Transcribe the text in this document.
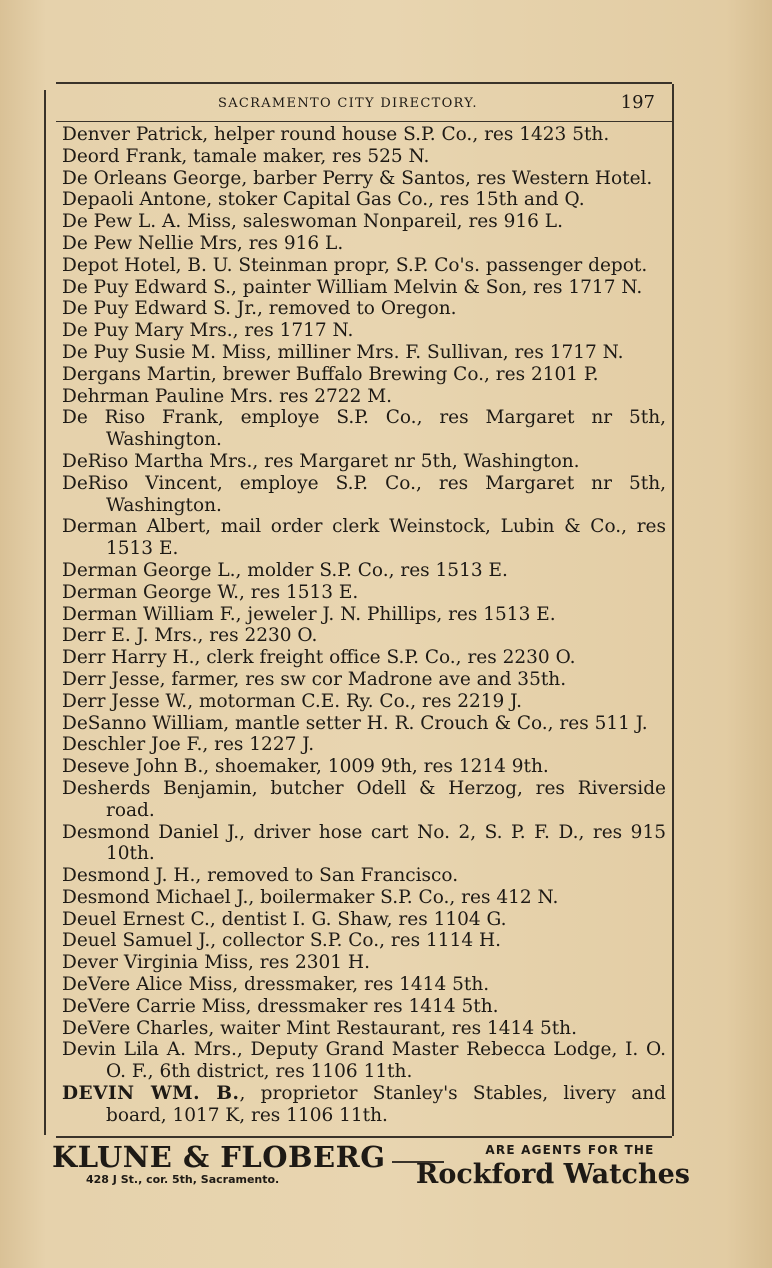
SACRAMENTO CITY DIRECTORY.	197
Denver Patrick, helper round house S.P. Co., res 1423 5th.
Deord Frank, tamale maker, res 525 N.
De Orleans George, barber Perry & Santos, res Western Hotel.
Depaoli Antone, stoker Capital Gas Co., res 15th and Q.
De Pew L. A. Miss, saleswoman Nonpareil, res 916 L.
De Pew Nellie Mrs, res 916 L.
Depot Hotel, B. U. Steinman propr, S.P. Co's. passenger depot.
De Puy Edward S., painter William Melvin & Son, res 1717 N.
De Puy Edward S. Jr., removed to Oregon.
De Puy Mary Mrs., res 1717 N.
De Puy Susie M. Miss, milliner Mrs. F. Sullivan, res 1717 N.
Dergans Martin, brewer Buffalo Brewing Co., res 2101 P.
Dehrman Pauline Mrs. res 2722 M.
De Riso Frank, employe S.P. Co., res Margaret nr 5th, Washington.
DeRiso Martha Mrs., res Margaret nr 5th, Washington.
DeRiso Vincent, employe S.P. Co., res Margaret nr 5th, Washington.
Derman Albert, mail order clerk Weinstock, Lubin & Co., res 1513 E.
Derman George L., molder S.P. Co., res 1513 E.
Derman George W., res 1513 E.
Derman William F., jeweler J. N. Phillips, res 1513 E.
Derr E. J. Mrs., res 2230 O.
Derr Harry H., clerk freight office S.P. Co., res 2230 O.
Derr Jesse, farmer, res sw cor Madrone ave and 35th.
Derr Jesse W., motorman C.E. Ry. Co., res 2219 J.
DeSanno William, mantle setter H. R. Crouch & Co., res 511 J.
Deschler Joe F., res 1227 J.
Deseve John B., shoemaker, 1009 9th, res 1214 9th.
Desherds Benjamin, butcher Odell & Herzog, res Riverside road.
Desmond Daniel J., driver hose cart No. 2, S. P. F. D., res 915 10th.
Desmond J. H., removed to San Francisco.
Desmond Michael J., boilermaker S.P. Co., res 412 N.
Deuel Ernest C., dentist I. G. Shaw, res 1104 G.
Deuel Samuel J., collector S.P. Co., res 1114 H.
Dever Virginia Miss, res 2301 H.
DeVere Alice Miss, dressmaker, res 1414 5th.
DeVere Carrie Miss, dressmaker res 1414 5th.
DeVere Charles, waiter Mint Restaurant, res 1414 5th.
Devin Lila A. Mrs., Deputy Grand Master Rebecca Lodge, I. O. O. F., 6th district, res 1106 11th.
DEVIN WM. B., proprietor Stanley's Stables, livery and board, 1017 K, res 1106 11th.
KLUNE & FLOBERG
428 J St., cor. 5th, Sacramento.
ARE AGENTS FOR THE
Rockford Watches
